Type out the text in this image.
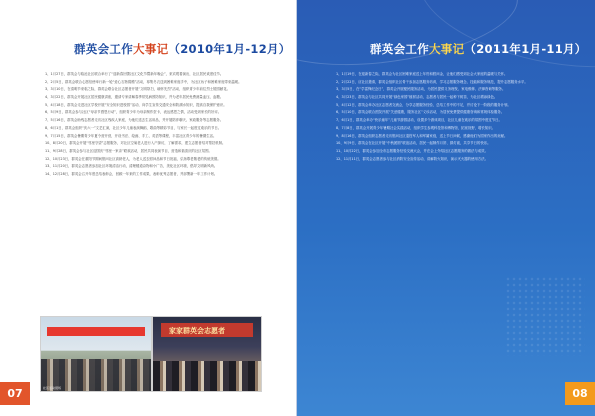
群英会工作大事记（2010年1月-12月）

1、1月27日，群英会与临沧社区联合举行了“迎新春回馈社区文化节暨新年晚会”，来宾观看演出，社区居民欢度佳节。

2、2月5日，群英会联合心愿信使举行新一轮“爱心衣物捐赠”活动，募集冬衣送到困难家庭手中，为社区孩子和困难家庭带来温暖。

3、3月10日，在清明节来临之际，群英会联合社区志愿者开展“文明祭扫，缅怀先烈”活动，组织青少年前往烈士陵园献花。

4、3月22日，群英会开展社区居民健康讲座，邀请专家讲解春季常见病预防知识，并为老年居民免费测量血压、血糖。

5、4月18日，群英会走进社区学校开展“安全知识进校园”活动，向学生宣传交通安全和防溺水知识，提高自我保护意识。

6、5月9日，群英会参与社区“母亲节感恩行动”，组织青少年为母亲制作贺卡，表达感恩之情，活动受到家长的好评。

7、5月16日，群英会助残志愿者走访社区残疾人家庭，为他们送去生活用品，并开展陪伴聊天、家政服务等志愿服务。

8、6月1日，群英会组织“庆六一”文艺汇演，社区少年儿童表演舞蹈、歌曲等精彩节目，与家长一起度过欢乐的节日。

9、7月15日，群英会暑期青少年夏令营开营，开设书法、绘画、手工、英语等课程，丰富社区青少年的暑期生活。

10、8月20日，群英会开展“邻里守望”志愿服务，对社区空巢老人进行入户探访，了解需求，建立志愿者结对帮扶机制。

11、9月28日，群英会参与社区迎国庆“邻里一家亲”联欢活动，居民共同表演节目，营造和谐喜庆的社区氛围。

12、10月23日，群英会在重阳节期间慰问社区高龄老人，为老人送去慰问品和节日祝福，弘扬尊老敬老的传统美德。

13、11月20日，群英会志愿者参加社区环境清洁行动，清理楼道杂物和小广告，美化社区环境，倡导文明新风尚。

14、12月28日，群英会召开年度总结表彰会，回顾一年来的工作成果，表彰优秀志愿者，并部署新一年工作计划。

社区活动现场
家家群英会志愿者
07
群英会工作大事记（2011年1月-11月）

1、1月19日，在迎新春之际，群英会为社区困难家庭送上年货和慰问金，让他们感受到社会大家庭的温暖与关怀。

2、2月22日，应社区邀请，群英会组织社区骨干参加志愿服务培训，学习志愿服务理念、技能和服务规范，提升志愿服务水平。

3、3月5日，在“学雷锋纪念日”，群英会开展便民服务活动，为居民提供义务理发、家电维修、法律咨询等服务。

4、3月23日，群英会与社区共同开展“绿色家园”植树活动，志愿者与居民一起种下树苗，为社区增添绿色。

5、4月12日，群英会举办社区志愿者交流会，分享志愿服务经验，总结工作中的不足，并讨论下一阶段的服务计划。

6、5月10日，群英会联合医院开展“关爱健康，服务社区”义诊活动，为居民免费提供健康咨询和常规体检服务。

7、6月1日，群英会举办“快乐童年”儿童节游园活动，设置多个游戏项目，社区儿童在欢乐的氛围中度过节日。

8、7月8日，群英会开展青少年暑期社会实践活动，组织学生参观科技馆和博物馆，拓宽视野，增长知识。

9、8月16日，群英会组织志愿者走访慰问社区退役军人和军属家庭，送上节日问候，感谢他们为国家作出的贡献。

10、9月9日，群英会在社区开展“中秋团圆”联谊活动，居民一起制作月饼、猜灯谜，共享节日的快乐。

11、10月22日，群英会参加全市志愿服务经验交流大会，并在会上介绍社区志愿服务的做法与成效。

12、11月11日，群英会志愿者参与社区消防安全宣传活动，讲解防火知识，演示灭火器的使用方法。

08
